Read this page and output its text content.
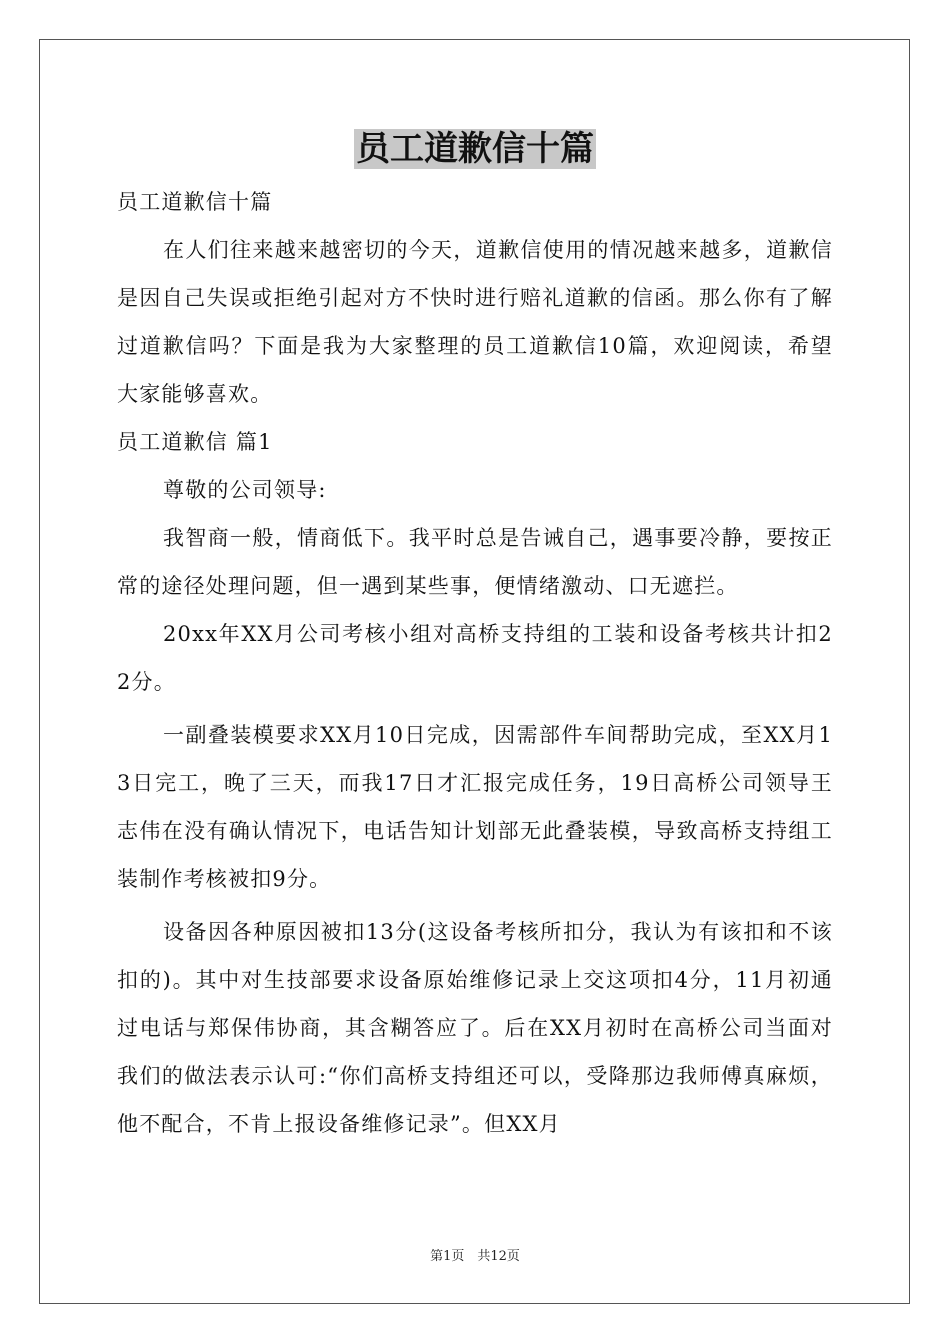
员工道歉信十篇

员工道歉信十篇

在人们往来越来越密切的今天，道歉信使用的情况越来越多，道歉信是因自己失误或拒绝引起对方不快时进行赔礼道歉的信函。那么你有了解过道歉信吗？下面是我为大家整理的员工道歉信10篇，欢迎阅读，希望大家能够喜欢。

员工道歉信 篇1

尊敬的公司领导:

我智商一般，情商低下。我平时总是告诫自己，遇事要冷静，要按正常的途径处理问题，但一遇到某些事，便情绪激动、口无遮拦。

20xx年XX月公司考核小组对高桥支持组的工装和设备考核共计扣22分。

一副叠装模要求XX月10日完成，因需部件车间帮助完成，至XX月13日完工，晚了三天，而我17日才汇报完成任务，19日高桥公司领导王志伟在没有确认情况下，电话告知计划部无此叠装模，导致高桥支持组工装制作考核被扣9分。

设备因各种原因被扣13分(这设备考核所扣分，我认为有该扣和不该扣的)。其中对生技部要求设备原始维修记录上交这项扣4分，11月初通过电话与郑保伟协商，其含糊答应了。后在XX月初时在高桥公司当面对我们的做法表示认可:“你们高桥支持组还可以，受降那边我师傅真麻烦，他不配合，不肯上报设备维修记录”。但XX月

第1页　共12页
